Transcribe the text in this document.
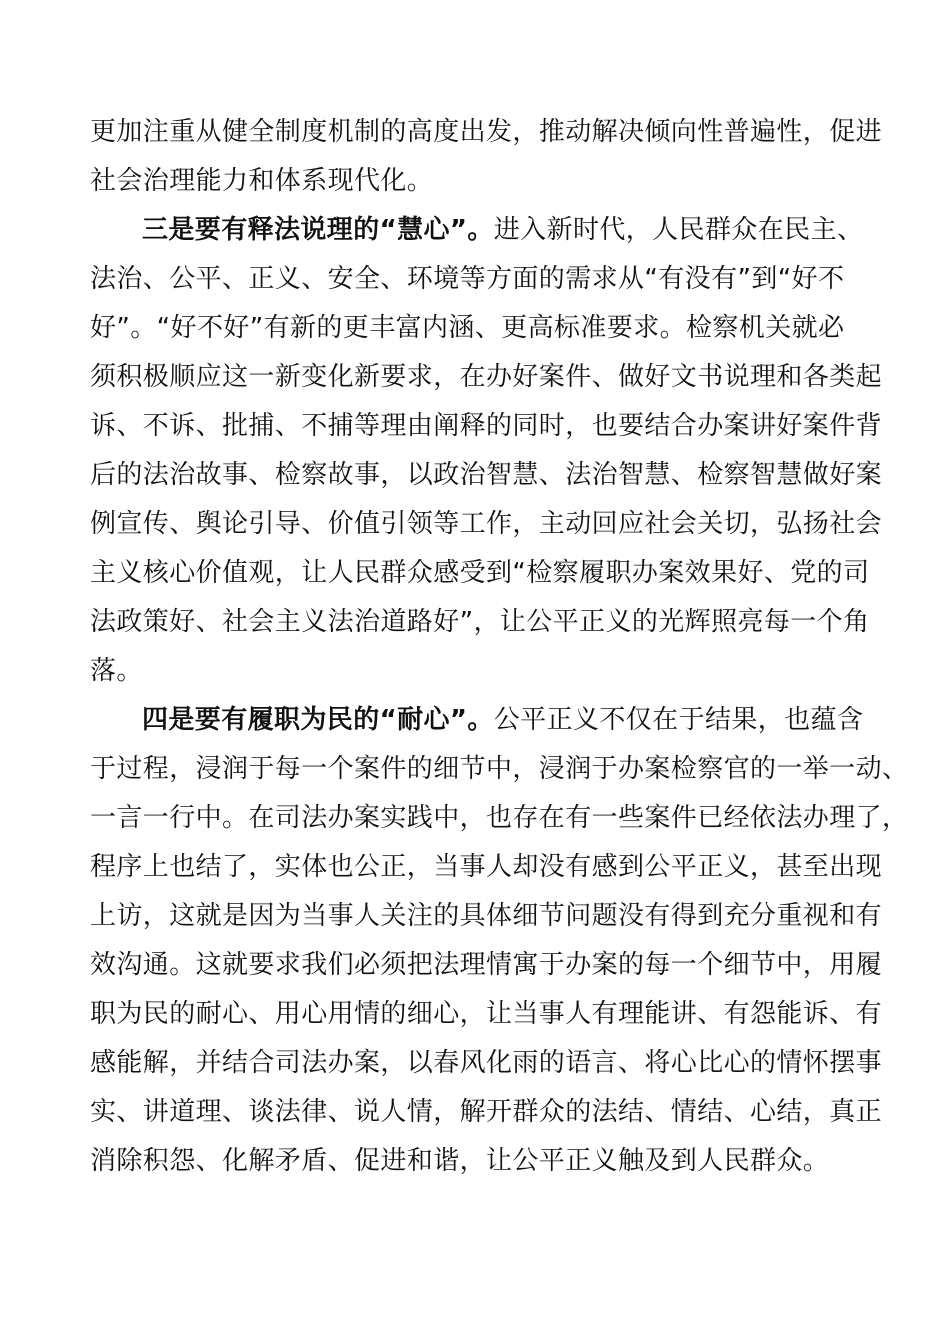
更加注重从健全制度机制的高度出发，推动解决倾向性普遍性，促进
社会治理能力和体系现代化。
三是要有释法说理的“慧心”。进入新时代，人民群众在民主、
法治、公平、正义、安全、环境等方面的需求从“有没有”到“好不
好”。“好不好”有新的更丰富内涵、更高标准要求。检察机关就必
须积极顺应这一新变化新要求，在办好案件、做好文书说理和各类起
诉、不诉、批捕、不捕等理由阐释的同时，也要结合办案讲好案件背
后的法治故事、检察故事，以政治智慧、法治智慧、检察智慧做好案
例宣传、舆论引导、价值引领等工作，主动回应社会关切，弘扬社会
主义核心价值观，让人民群众感受到“检察履职办案效果好、党的司
法政策好、社会主义法治道路好”，让公平正义的光辉照亮每一个角
落。
四是要有履职为民的“耐心”。公平正义不仅在于结果，也蕴含
于过程，浸润于每一个案件的细节中，浸润于办案检察官的一举一动、
一言一行中。在司法办案实践中，也存在有一些案件已经依法办理了，
程序上也结了，实体也公正，当事人却没有感到公平正义，甚至出现
上访，这就是因为当事人关注的具体细节问题没有得到充分重视和有
效沟通。这就要求我们必须把法理情寓于办案的每一个细节中，用履
职为民的耐心、用心用情的细心，让当事人有理能讲、有怨能诉、有
感能解，并结合司法办案，以春风化雨的语言、将心比心的情怀摆事
实、讲道理、谈法律、说人情，解开群众的法结、情结、心结，真正
消除积怨、化解矛盾、促进和谐，让公平正义触及到人民群众。
